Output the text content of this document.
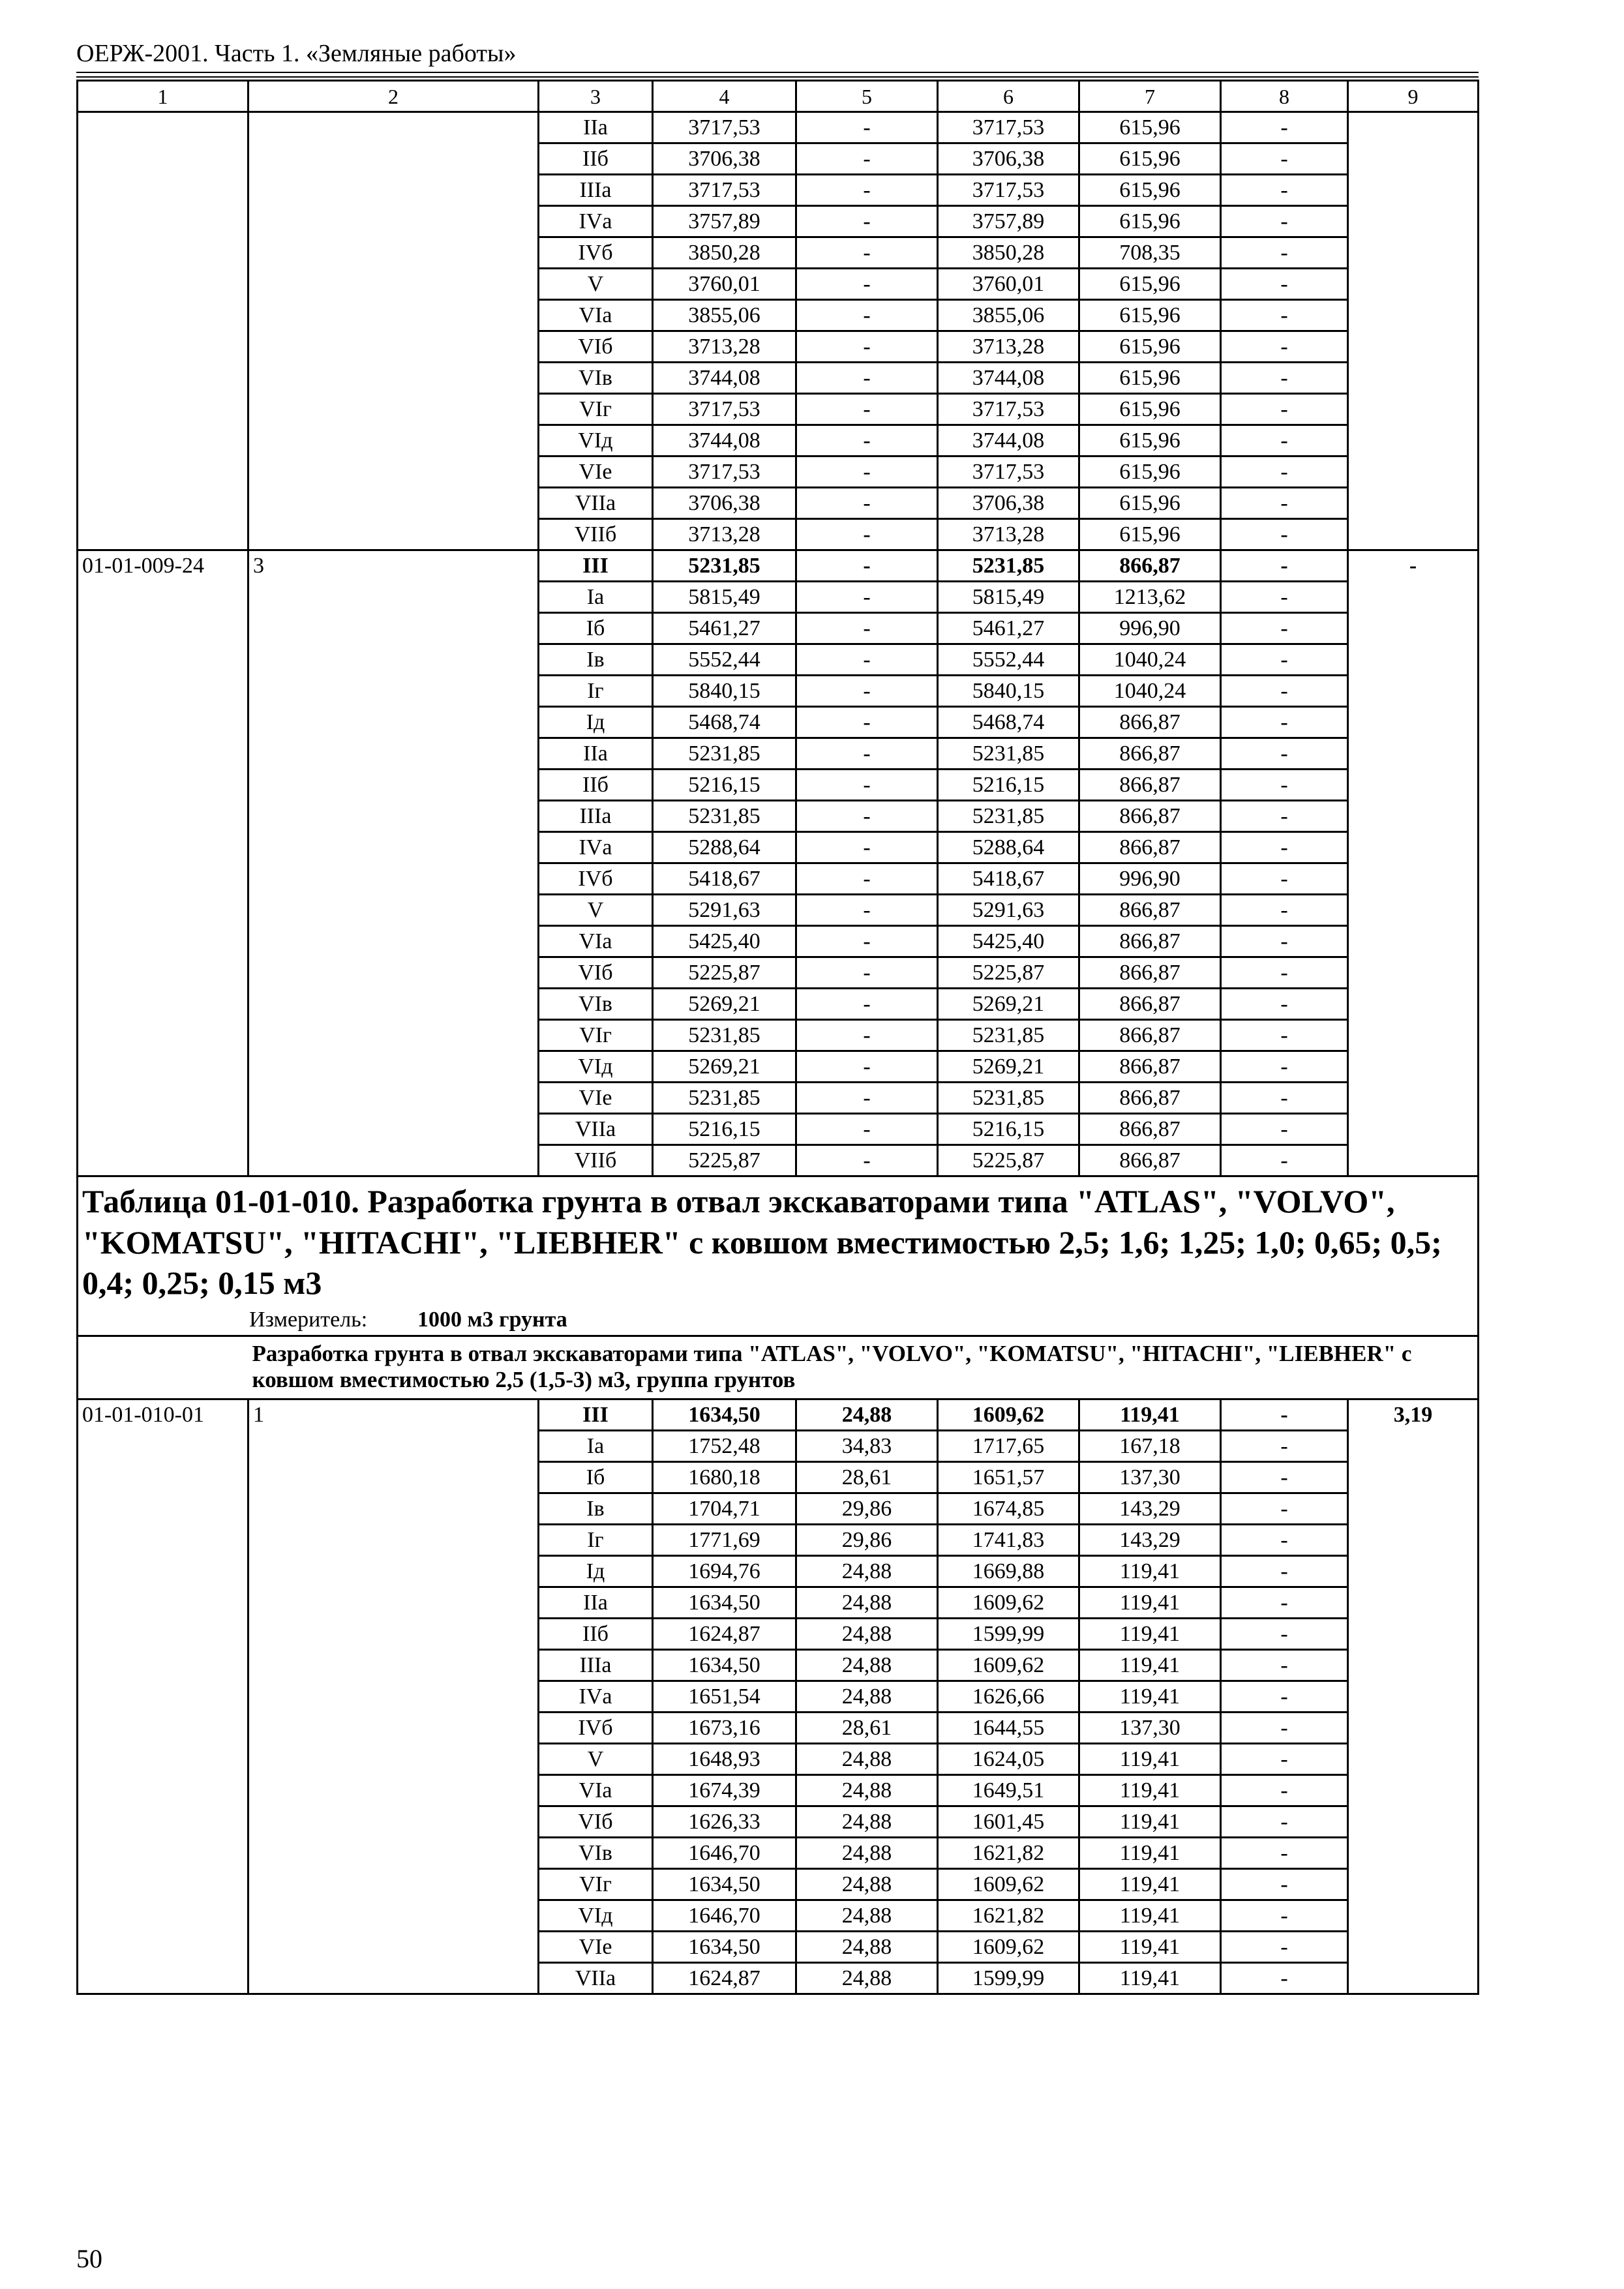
ОЕРЖ-2001. Часть 1. «Земляные работы»
1	2	3	4	5	6	7	8	9
		IIа	3717,53	-	3717,53	615,96	-	
		IIб	3706,38	-	3706,38	615,96	-	
		IIIа	3717,53	-	3717,53	615,96	-	
		IVа	3757,89	-	3757,89	615,96	-	
		IVб	3850,28	-	3850,28	708,35	-	
		V	3760,01	-	3760,01	615,96	-	
		VIа	3855,06	-	3855,06	615,96	-	
		VIб	3713,28	-	3713,28	615,96	-	
		VIв	3744,08	-	3744,08	615,96	-	
		VIг	3717,53	-	3717,53	615,96	-	
		VIд	3744,08	-	3744,08	615,96	-	
		VIе	3717,53	-	3717,53	615,96	-	
		VIIа	3706,38	-	3706,38	615,96	-	
		VIIб	3713,28	-	3713,28	615,96	-	
01-01-009-24	3	III	5231,85	-	5231,85	866,87	-	-
		Iа	5815,49	-	5815,49	1213,62	-	
		Iб	5461,27	-	5461,27	996,90	-	
		Iв	5552,44	-	5552,44	1040,24	-	
		Iг	5840,15	-	5840,15	1040,24	-	
		Iд	5468,74	-	5468,74	866,87	-	
		IIа	5231,85	-	5231,85	866,87	-	
		IIб	5216,15	-	5216,15	866,87	-	
		IIIа	5231,85	-	5231,85	866,87	-	
		IVа	5288,64	-	5288,64	866,87	-	
		IVб	5418,67	-	5418,67	996,90	-	
		V	5291,63	-	5291,63	866,87	-	
		VIа	5425,40	-	5425,40	866,87	-	
		VIб	5225,87	-	5225,87	866,87	-	
		VIв	5269,21	-	5269,21	866,87	-	
		VIг	5231,85	-	5231,85	866,87	-	
		VIд	5269,21	-	5269,21	866,87	-	
		VIе	5231,85	-	5231,85	866,87	-	
		VIIа	5216,15	-	5216,15	866,87	-	
		VIIб	5225,87	-	5225,87	866,87	-	

Таблица 01-01-010. Разработка грунта в отвал экскаваторами типа "ATLAS", "VOLVO", "KOMATSU", "HITACHI", "LIEBHER" с ковшом вместимостью 2,5; 1,6; 1,25; 1,0; 0,65; 0,5; 0,4; 0,25; 0,15 м3
Измеритель: 1000 м3 грунта								

	Разработка грунта в отвал экскаваторами типа "ATLAS", "VOLVO", "KOMATSU", "HITACHI", "LIEBHER" с ковшом вместимостью 2,5 (1,5-3) м3, группа грунтов							
01-01-010-01	1	III	1634,50	24,88	1609,62	119,41	-	3,19
		Iа	1752,48	34,83	1717,65	167,18	-	
		Iб	1680,18	28,61	1651,57	137,30	-	
		Iв	1704,71	29,86	1674,85	143,29	-	
		Iг	1771,69	29,86	1741,83	143,29	-	
		Iд	1694,76	24,88	1669,88	119,41	-	
		IIа	1634,50	24,88	1609,62	119,41	-	
		IIб	1624,87	24,88	1599,99	119,41	-	
		IIIа	1634,50	24,88	1609,62	119,41	-	
		IVа	1651,54	24,88	1626,66	119,41	-	
		IVб	1673,16	28,61	1644,55	137,30	-	
		V	1648,93	24,88	1624,05	119,41	-	
		VIа	1674,39	24,88	1649,51	119,41	-	
		VIб	1626,33	24,88	1601,45	119,41	-	
		VIв	1646,70	24,88	1621,82	119,41	-	
		VIг	1634,50	24,88	1609,62	119,41	-	
		VIд	1646,70	24,88	1621,82	119,41	-	
		VIе	1634,50	24,88	1609,62	119,41	-	
		VIIа	1624,87	24,88	1599,99	119,41	-	
50
